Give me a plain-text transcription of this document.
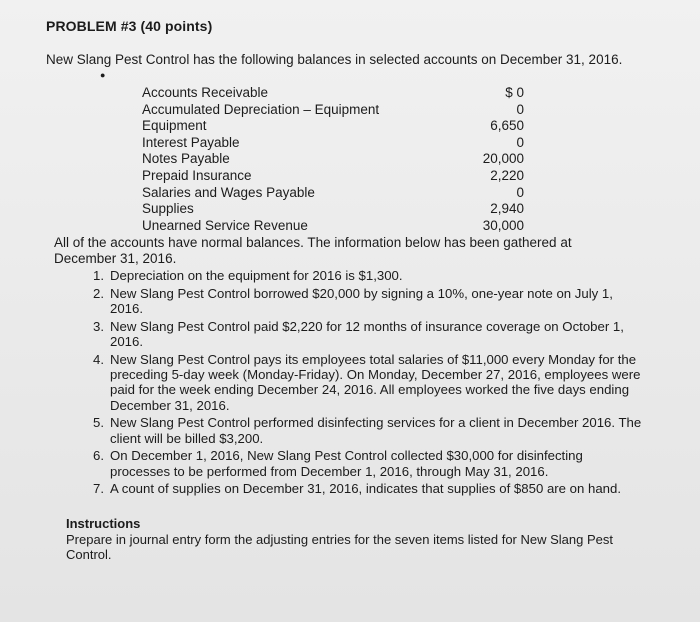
PROBLEM #3 (40 points)
New Slang Pest Control has the following balances in selected accounts on December 31, 2016.
●
Accounts Receivable	$ 0
Accumulated Depreciation – Equipment	0
Equipment	6,650
Interest Payable	0
Notes Payable	20,000
Prepaid Insurance	2,220
Salaries and Wages Payable	0
Supplies	2,940
Unearned Service Revenue	30,000
All of the accounts have normal balances. The information below has been gathered at December 31, 2016.
1. Depreciation on the equipment for 2016 is $1,300.
2. New Slang Pest Control borrowed $20,000 by signing a 10%, one-year note on July 1, 2016.
3. New Slang Pest Control paid $2,220 for 12 months of insurance coverage on October 1, 2016.
4. New Slang Pest Control pays its employees total salaries of $11,000 every Monday for the preceding 5-day week (Monday-Friday). On Monday, December 27, 2016, employees were paid for the week ending December 24, 2016. All employees worked the five days ending December 31, 2016.
5. New Slang Pest Control performed disinfecting services for a client in December 2016. The client will be billed $3,200.
6. On December 1, 2016, New Slang Pest Control collected $30,000 for disinfecting processes to be performed from December 1, 2016, through May 31, 2016.
7. A count of supplies on December 31, 2016, indicates that supplies of $850 are on hand.
Instructions
Prepare in journal entry form the adjusting entries for the seven items listed for New Slang Pest Control.
